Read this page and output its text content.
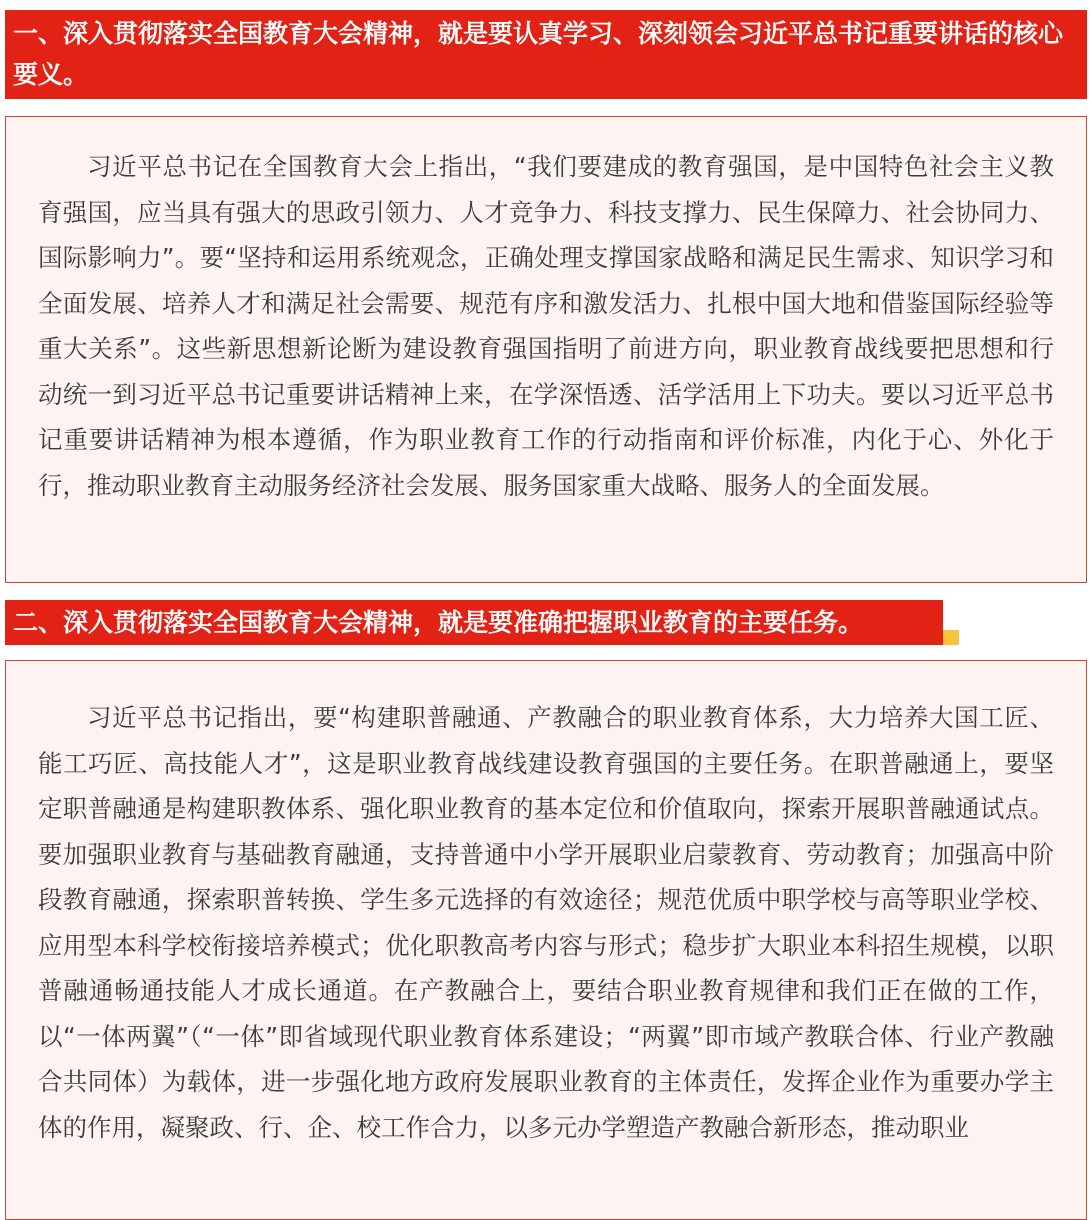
一、深入贯彻落实全国教育大会精神，就是要认真学习、深刻领会习近平总书记重要讲话的核心要义。

习近平总书记在全国教育大会上指出，“我们要建成的教育强国，是中国特色社会主义教育强国，应当具有强大的思政引领力、人才竞争力、科技支撑力、民生保障力、社会协同力、国际影响力”。要“坚持和运用系统观念，正确处理支撑国家战略和满足民生需求、知识学习和全面发展、培养人才和满足社会需要、规范有序和激发活力、扎根中国大地和借鉴国际经验等重大关系”。这些新思想新论断为建设教育强国指明了前进方向，职业教育战线要把思想和行动统一到习近平总书记重要讲话精神上来，在学深悟透、活学活用上下功夫。要以习近平总书记重要讲话精神为根本遵循，作为职业教育工作的行动指南和评价标准，内化于心、外化于行，推动职业教育主动服务经济社会发展、服务国家重大战略、服务人的全面发展。

二、深入贯彻落实全国教育大会精神，就是要准确把握职业教育的主要任务。

习近平总书记指出，要“构建职普融通、产教融合的职业教育体系，大力培养大国工匠、能工巧匠、高技能人才”，这是职业教育战线建设教育强国的主要任务。在职普融通上，要坚定职普融通是构建职教体系、强化职业教育的基本定位和价值取向，探索开展职普融通试点。要加强职业教育与基础教育融通，支持普通中小学开展职业启蒙教育、劳动教育；加强高中阶段教育融通，探索职普转换、学生多元选择的有效途径；规范优质中职学校与高等职业学校、应用型本科学校衔接培养模式；优化职教高考内容与形式；稳步扩大职业本科招生规模，以职普融通畅通技能人才成长通道。在产教融合上，要结合职业教育规律和我们正在做的工作，以“一体两翼”（“一体”即省域现代职业教育体系建设；“两翼”即市域产教联合体、行业产教融合共同体）为载体，进一步强化地方政府发展职业教育的主体责任，发挥企业作为重要办学主体的作用，凝聚政、行、企、校工作合力，以多元办学塑造产教融合新形态，推动职业
